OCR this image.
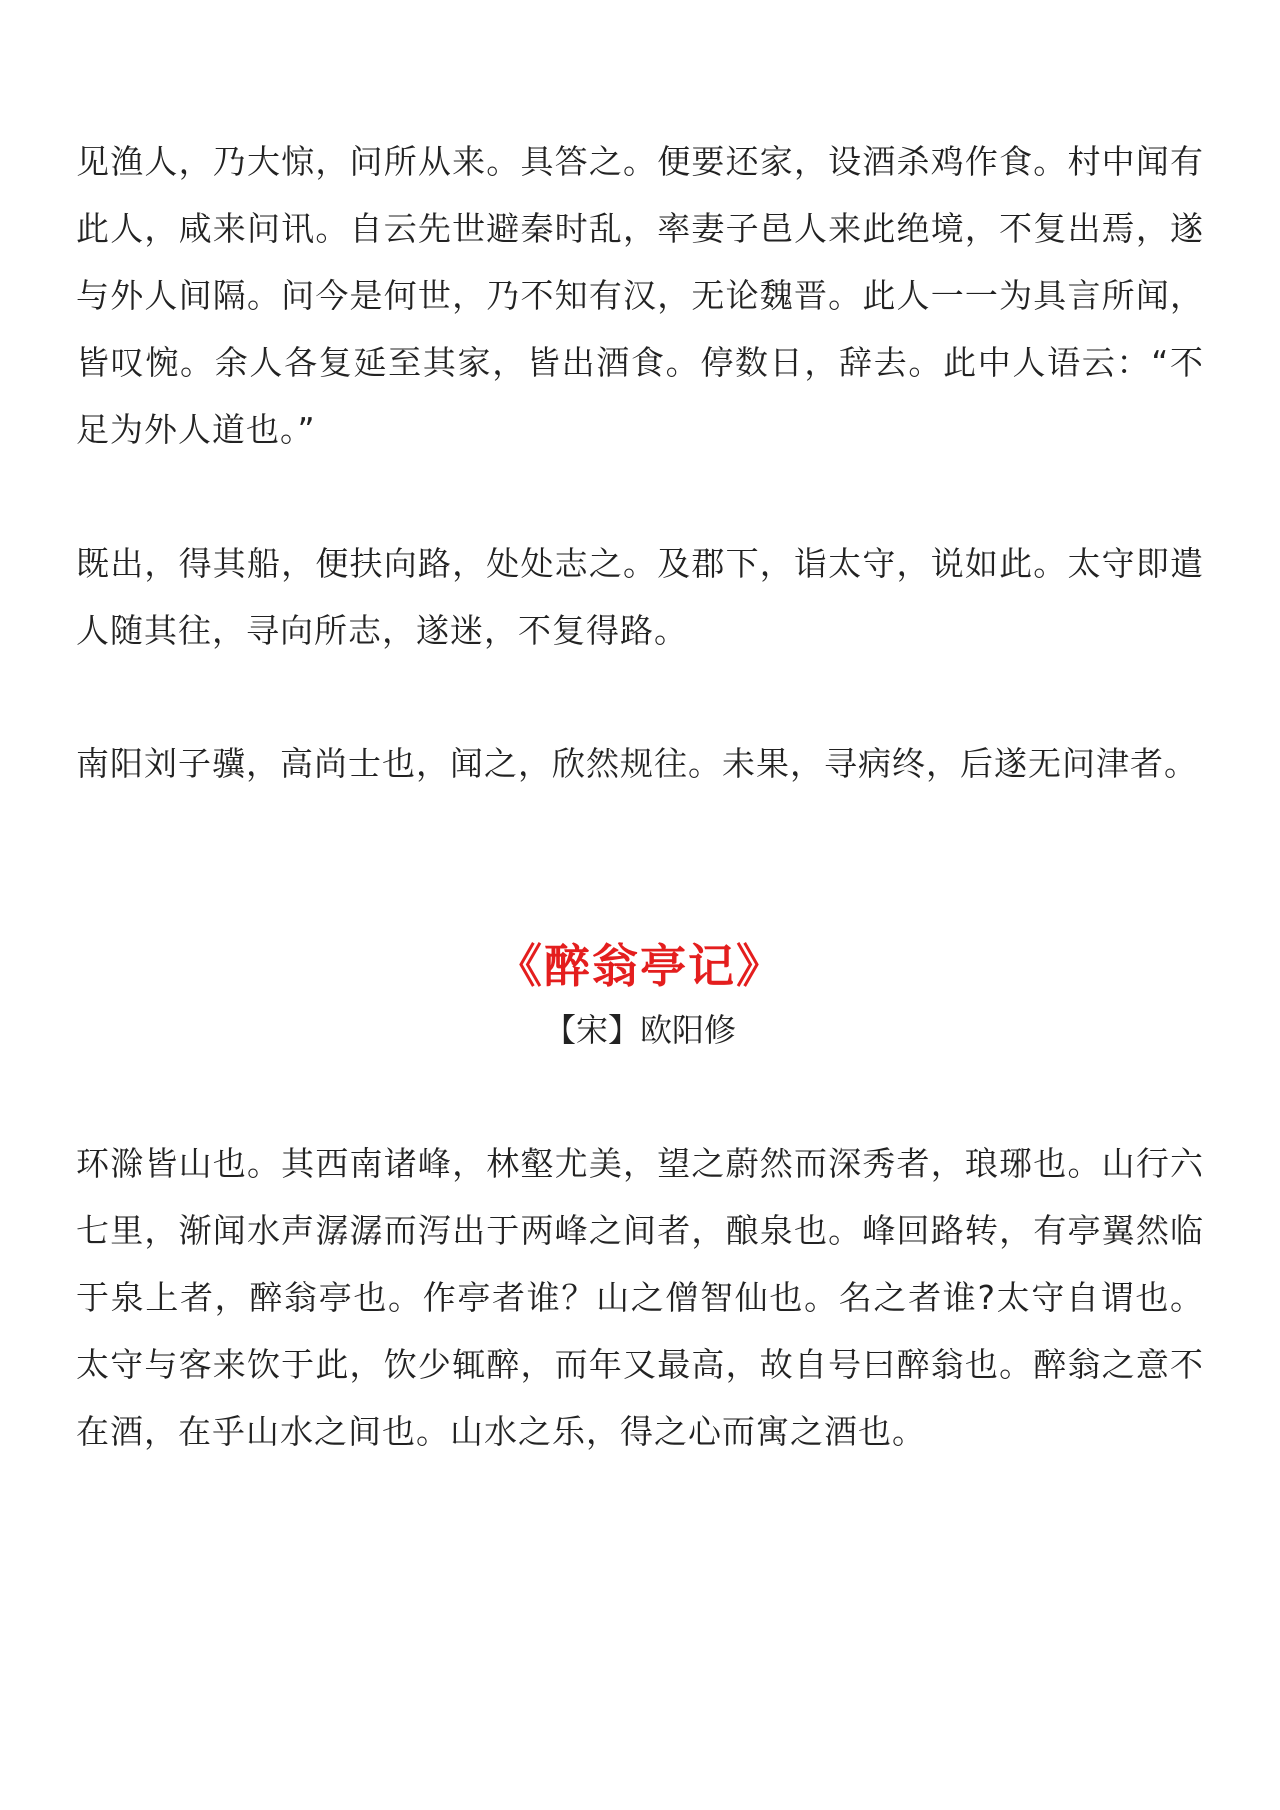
见渔人，乃大惊，问所从来。具答之。便要还家，设酒杀鸡作食。村中闻有此人，咸来问讯。自云先世避秦时乱，率妻子邑人来此绝境，不复出焉，遂与外人间隔。问今是何世，乃不知有汉，无论魏晋。此人一一为具言所闻，皆叹惋。余人各复延至其家，皆出酒食。停数日，辞去。此中人语云：“不足为外人道也。”

既出，得其船，便扶向路，处处志之。及郡下，诣太守，说如此。太守即遣人随其往，寻向所志，遂迷，不复得路。

南阳刘子骥，高尚士也，闻之，欣然规往。未果，寻病终，后遂无问津者。

《醉翁亭记》
【宋】欧阳修

环滁皆山也。其西南诸峰，林壑尤美，望之蔚然而深秀者，琅琊也。山行六七里，渐闻水声潺潺而泻出于两峰之间者，酿泉也。峰回路转，有亭翼然临于泉上者，醉翁亭也。作亭者谁？山之僧智仙也。名之者谁?太守自谓也。太守与客来饮于此，饮少辄醉，而年又最高，故自号曰醉翁也。醉翁之意不在酒，在乎山水之间也。山水之乐，得之心而寓之酒也。
